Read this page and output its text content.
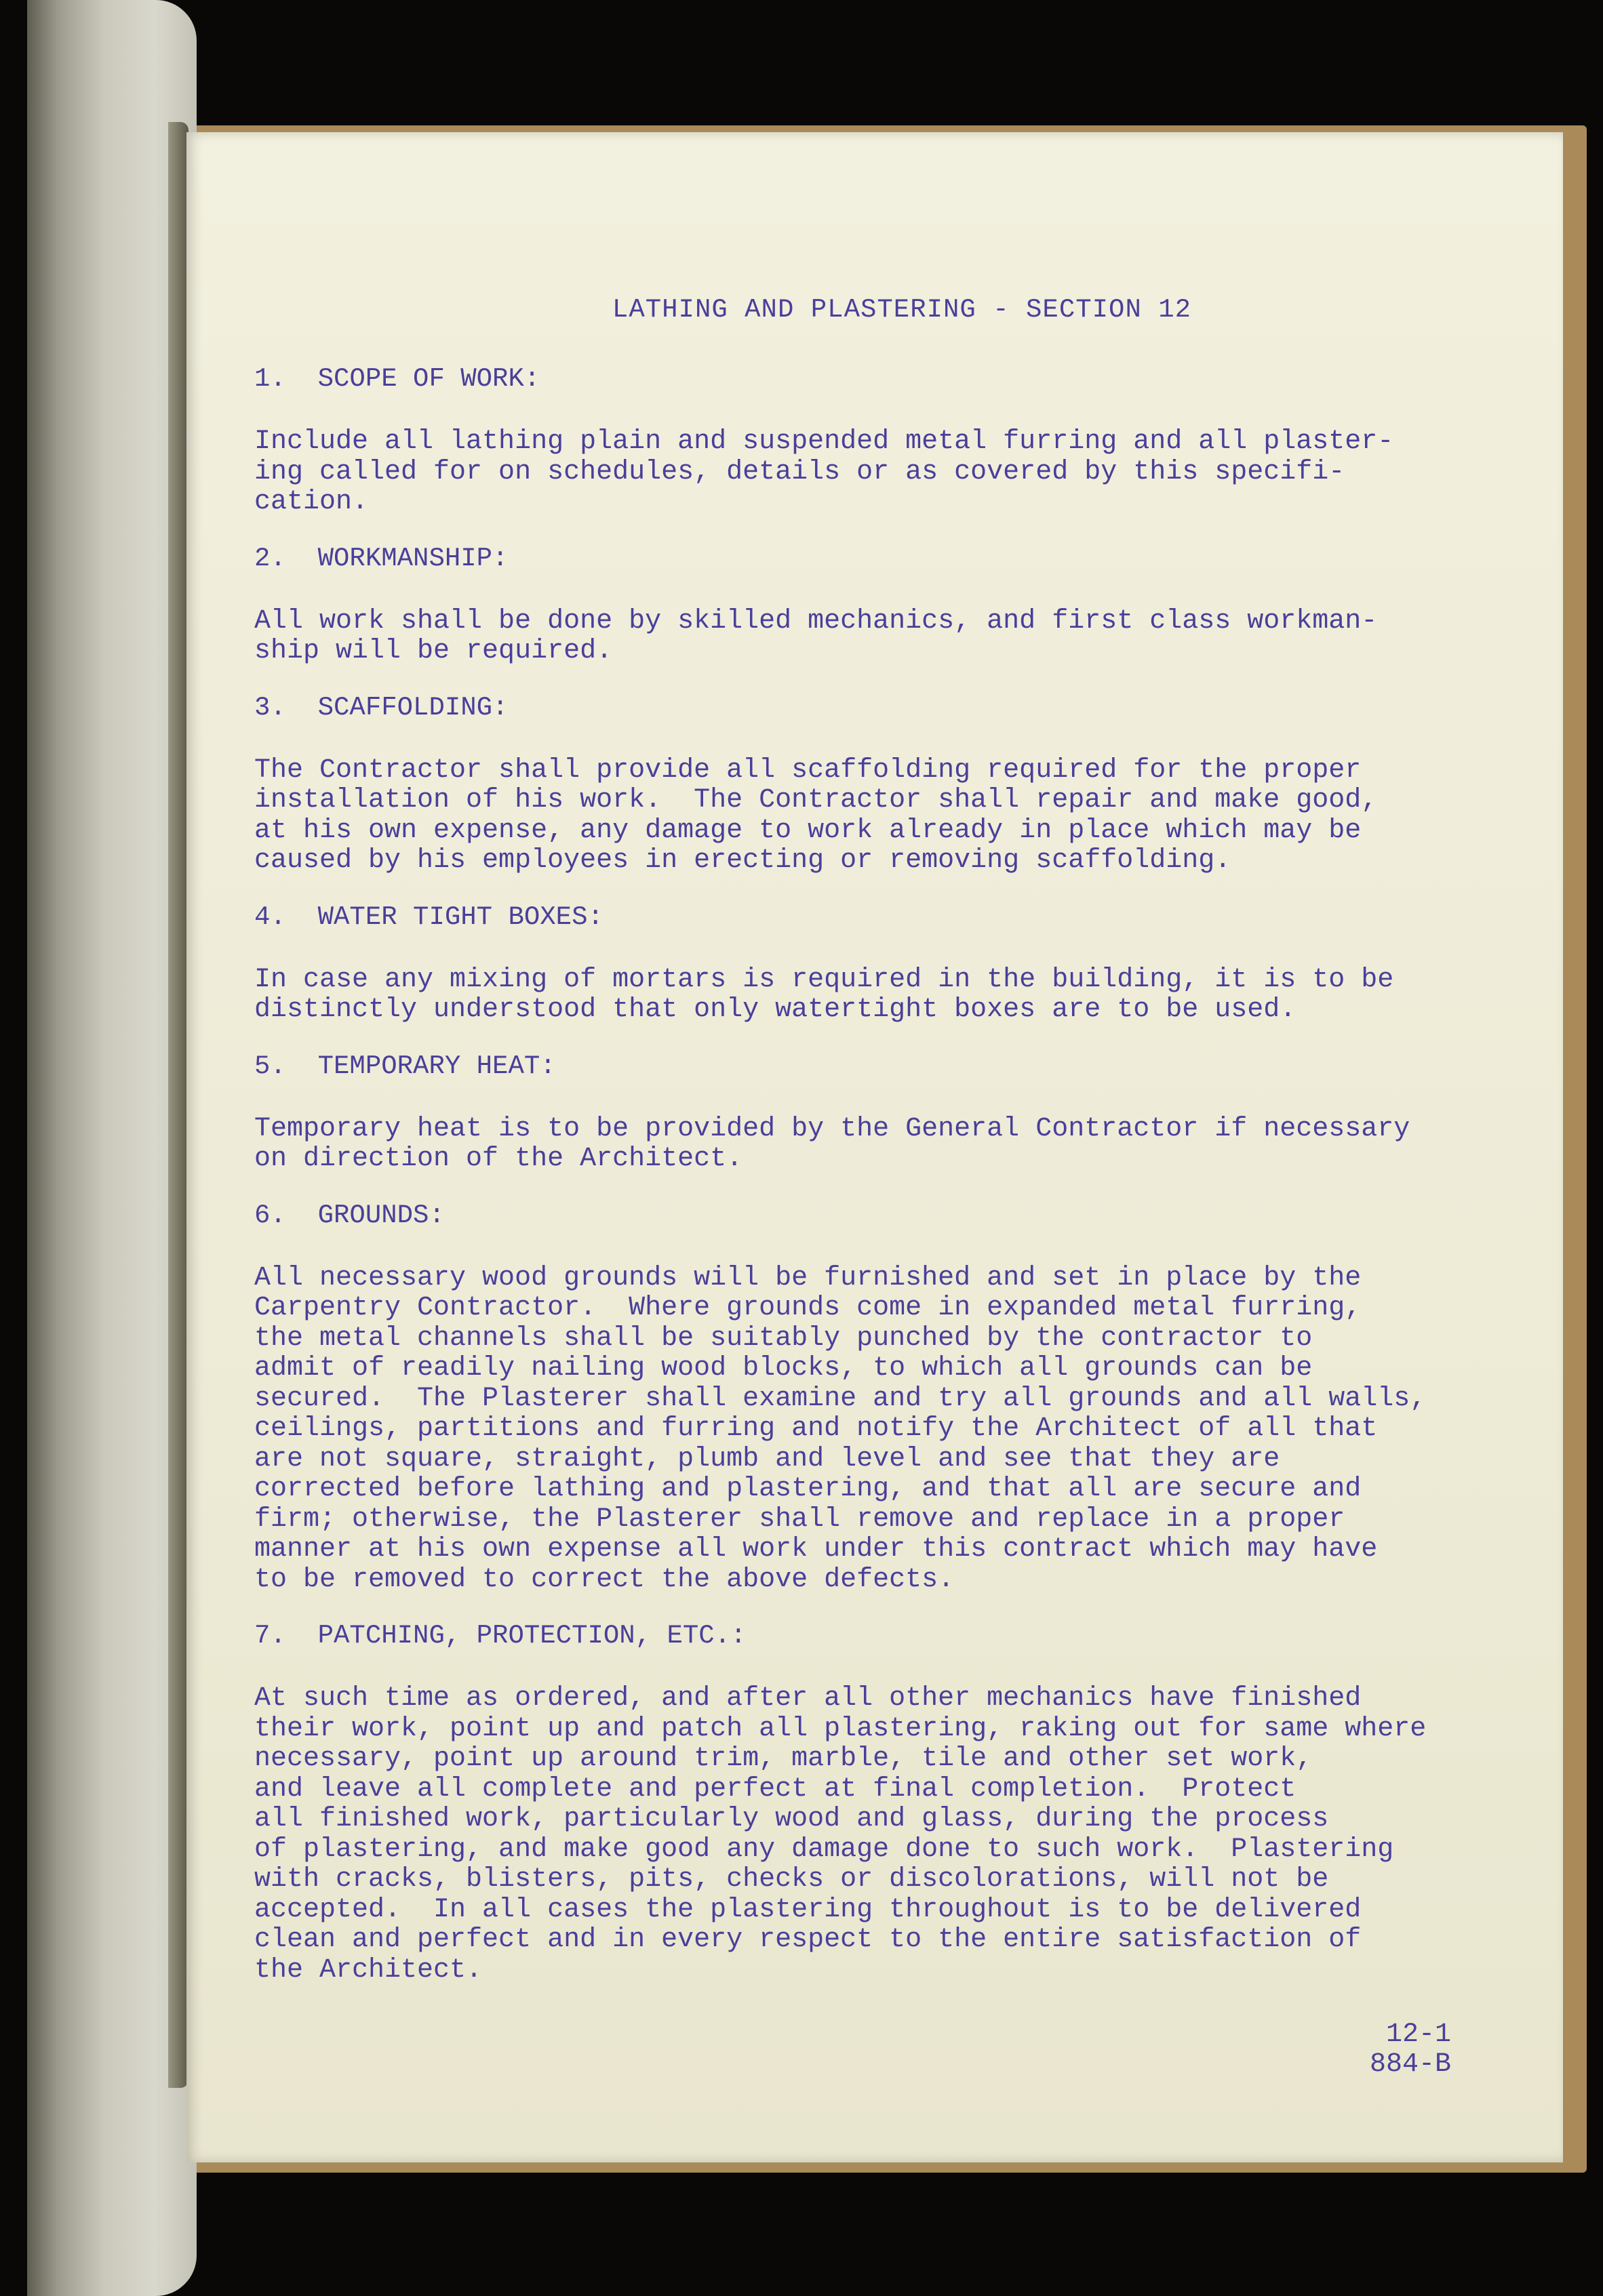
LATHING AND PLASTERING - SECTION 12
1.  SCOPE OF WORK:
Include all lathing plain and suspended metal furring and all plaster-
ing called for on schedules, details or as covered by this specifi-
cation.
2.  WORKMANSHIP:
All work shall be done by skilled mechanics, and first class workman-
ship will be required.
3.  SCAFFOLDING:
The Contractor shall provide all scaffolding required for the proper
installation of his work.  The Contractor shall repair and make good,
at his own expense, any damage to work already in place which may be
caused by his employees in erecting or removing scaffolding.
4.  WATER TIGHT BOXES:
In case any mixing of mortars is required in the building, it is to be
distinctly understood that only watertight boxes are to be used.
5.  TEMPORARY HEAT:
Temporary heat is to be provided by the General Contractor if necessary
on direction of the Architect.
6.  GROUNDS:
All necessary wood grounds will be furnished and set in place by the
Carpentry Contractor.  Where grounds come in expanded metal furring,
the metal channels shall be suitably punched by the contractor to
admit of readily nailing wood blocks, to which all grounds can be
secured.  The Plasterer shall examine and try all grounds and all walls,
ceilings, partitions and furring and notify the Architect of all that
are not square, straight, plumb and level and see that they are
corrected before lathing and plastering, and that all are secure and
firm; otherwise, the Plasterer shall remove and replace in a proper
manner at his own expense all work under this contract which may have
to be removed to correct the above defects.
7.  PATCHING, PROTECTION, ETC.:
At such time as ordered, and after all other mechanics have finished
their work, point up and patch all plastering, raking out for same where
necessary, point up around trim, marble, tile and other set work,
and leave all complete and perfect at final completion.  Protect
all finished work, particularly wood and glass, during the process
of plastering, and make good any damage done to such work.  Plastering
with cracks, blisters, pits, checks or discolorations, will not be
accepted.  In all cases the plastering throughout is to be delivered
clean and perfect and in every respect to the entire satisfaction of
the Architect.
12-1
884-B
